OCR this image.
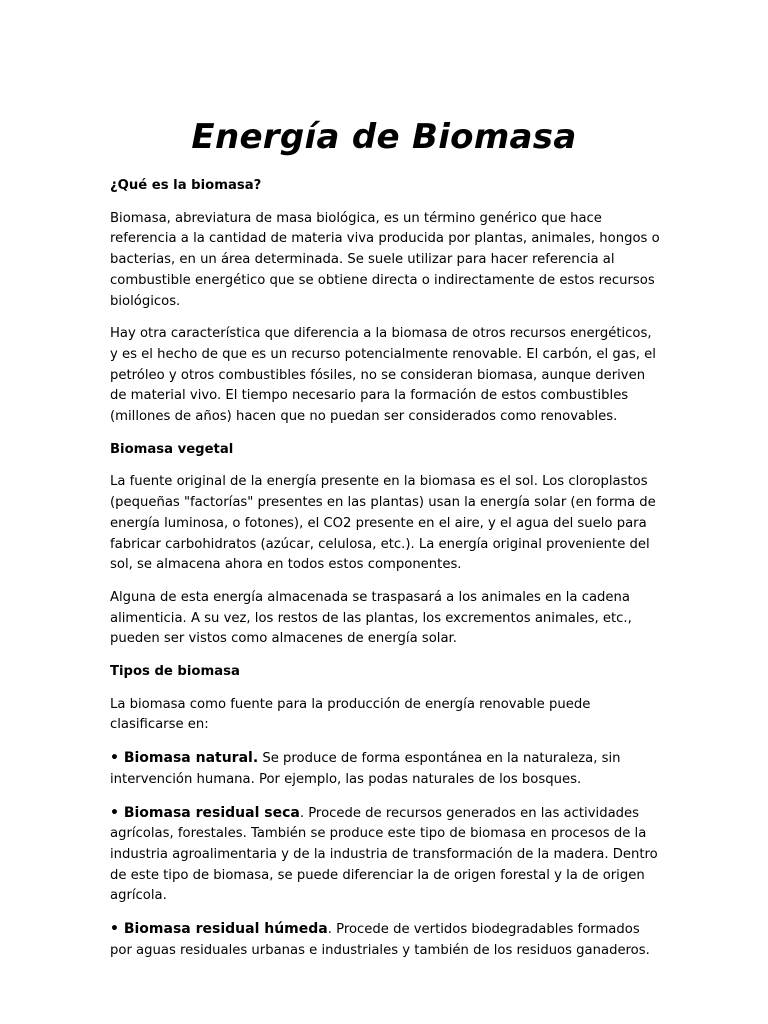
Energía de Biomasa

¿Qué es la biomasa?

Biomasa, abreviatura de masa biológica, es un término genérico que hace referencia a la cantidad de materia viva producida por plantas, animales, hongos o bacterias, en un área determinada. Se suele utilizar para hacer referencia al combustible energético que se obtiene directa o indirectamente de estos recursos biológicos.

Hay otra característica que diferencia a la biomasa de otros recursos energéticos, y es el hecho de que es un recurso potencialmente renovable. El carbón, el gas, el petróleo y otros combustibles fósiles, no se consideran biomasa, aunque deriven de material vivo. El tiempo necesario para la formación de estos combustibles (millones de años) hacen que no puedan ser considerados como renovables.

Biomasa vegetal

La fuente original de la energía presente en la biomasa es el sol. Los cloroplastos (pequeñas "factorías" presentes en las plantas) usan la energía solar (en forma de energía luminosa, o fotones), el CO2 presente en el aire, y el agua del suelo para fabricar carbohidratos (azúcar, celulosa, etc.). La energía original proveniente del sol, se almacena ahora en todos estos componentes.

Alguna de esta energía almacenada se traspasará a los animales en la cadena alimenticia. A su vez, los restos de las plantas, los excrementos animales, etc., pueden ser vistos como almacenes de energía solar.

Tipos de biomasa

La biomasa como fuente para la producción de energía renovable puede clasificarse en:

• Biomasa natural. Se produce de forma espontánea en la naturaleza, sin intervención humana. Por ejemplo, las podas naturales de los bosques.

• Biomasa residual seca. Procede de recursos generados en las actividades agrícolas, forestales. También se produce este tipo de biomasa en procesos de la industria agroalimentaria y de la industria de transformación de la madera. Dentro de este tipo de biomasa, se puede diferenciar la de origen forestal y la de origen agrícola.

• Biomasa residual húmeda. Procede de vertidos biodegradables formados por aguas residuales urbanas e industriales y también de los residuos ganaderos.
